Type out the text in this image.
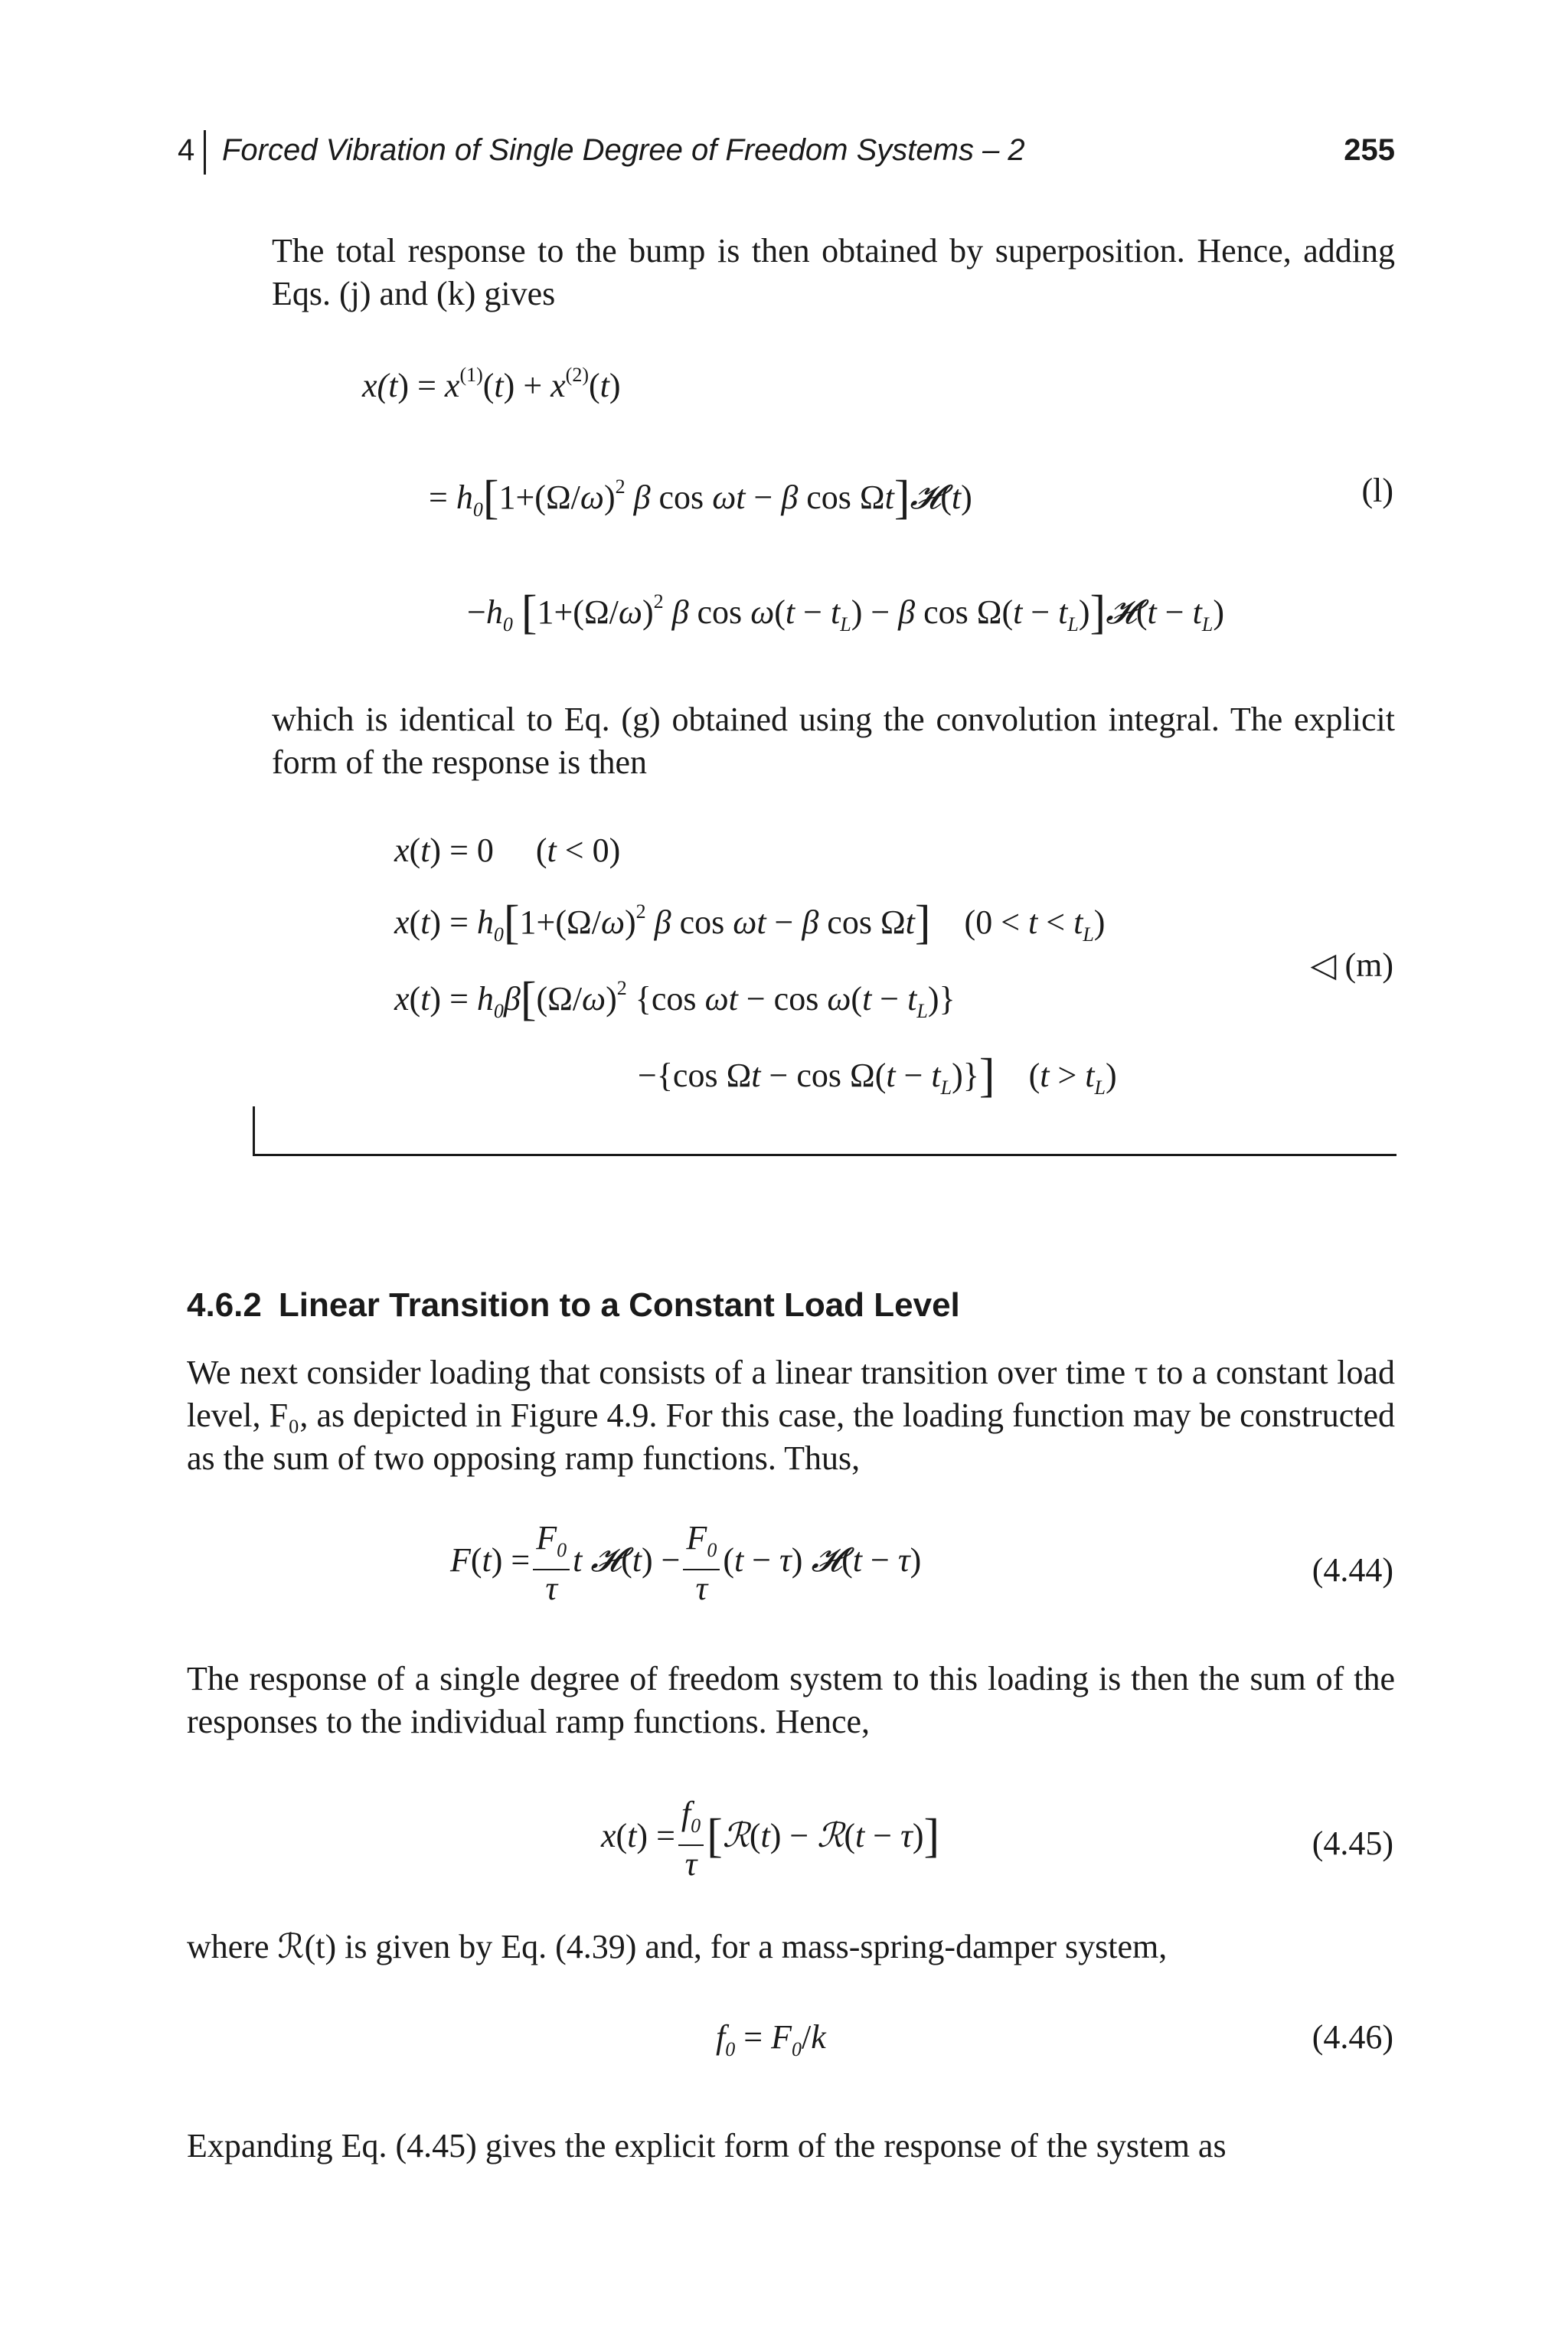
4 Forced Vibration of Single Degree of Freedom Systems – 2	255
The total response to the bump is then obtained by superposition. Hence, adding Eqs. (j) and (k) gives
$x(t) = x^{(1)}(t) + x^{(2)}(t)$
= $h_0[1+(\Omega/\omega)^2$ β cos ωt − β cos Ωt]𝓗(t)	(l)
$-h_0$ [$1+(\Omega/\omega)^2$ β $\cos \omega(t - t_L) - \beta$ $\cos \Omega(t - t_L)]𝓗(t - t_L)$
which is identical to Eq. (g) obtained using the convolution integral. The explicit form of the response is then
x(t) = 0     (t < 0)
$x(t) = h_0[1+(\Omega/\omega)^2$ β cos ωt − β cos Ωt] $(0 < t < t_L)$
$x(t) = h_0\beta[(\Omega/\omega)^2$ {cos $\omega t - \cos \omega(t - t_L)$}
−{cos $\Omega t - \cos \Omega(t - t_L)$}] $(t > t_L)$
◁ (m)
4.6.2 Linear Transition to a Constant Load Level
We next consider loading that consists of a linear transition over time τ to a constant load level, F₀, as depicted in Figure 4.9. For this case, the loading function may be constructed as the sum of two opposing ramp functions. Thus,
$F(t) = \frac{F_0}{\tau}$ t 𝓗(t) − $\frac{F_0}{\tau} (t - \tau)$ 𝓗(t − τ)	(4.44)
The response of a single degree of freedom system to this loading is then the sum of the responses to the individual ramp functions. Hence,
$x(t) = \frac{f_0}{\tau}$ [ℛ(t) − ℛ(t − τ)]	(4.45)
where ℛ(t) is given by Eq. (4.39) and, for a mass-spring-damper system,
$f_0 = F_0/k$	(4.46)
Expanding Eq. (4.45) gives the explicit form of the response of the system as
